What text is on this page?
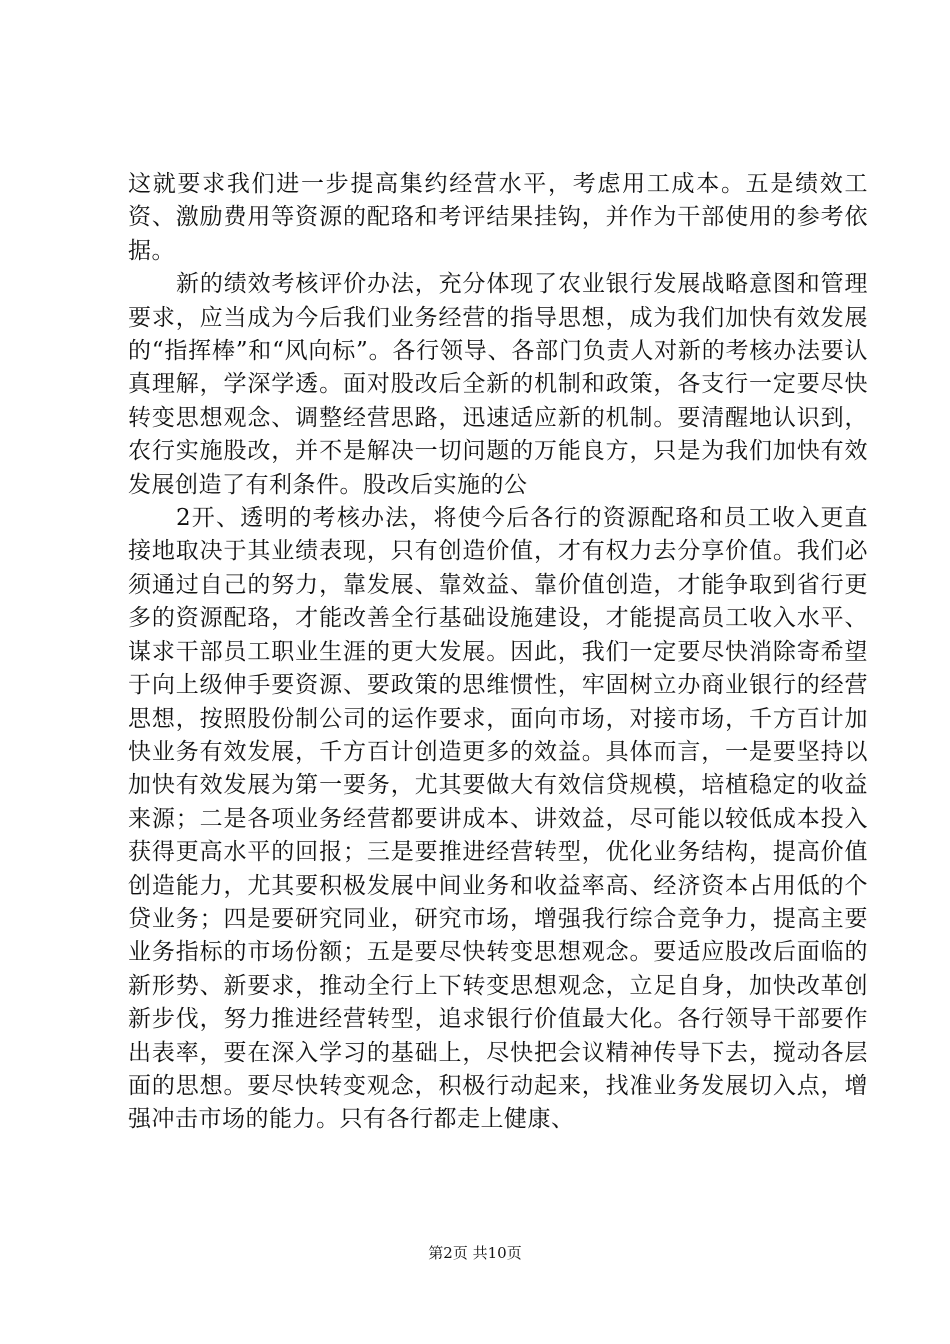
这就要求我们进一步提高集约经营水平，考虑用工成本。五是绩效工资、激励费用等资源的配珞和考评结果挂钩，并作为干部使用的参考依据。

新的绩效考核评价办法，充分体现了农业银行发展战略意图和管理要求，应当成为今后我们业务经营的指导思想，成为我们加快有效发展的“指挥棒”和“风向标”。各行领导、各部门负责人对新的考核办法要认真理解，学深学透。面对股改后全新的机制和政策，各支行一定要尽快转变思想观念、调整经营思路，迅速适应新的机制。要清醒地认识到，农行实施股改，并不是解决一切问题的万能良方，只是为我们加快有效发展创造了有利条件。股改后实施的公

2开、透明的考核办法，将使今后各行的资源配珞和员工收入更直接地取决于其业绩表现，只有创造价值，才有权力去分享价值。我们必须通过自己的努力，靠发展、靠效益、靠价值创造，才能争取到省行更多的资源配珞，才能改善全行基础设施建设，才能提高员工收入水平、谋求干部员工职业生涯的更大发展。因此，我们一定要尽快消除寄希望于向上级伸手要资源、要政策的思维惯性，牢固树立办商业银行的经营思想，按照股份制公司的运作要求，面向市场，对接市场，千方百计加快业务有效发展，千方百计创造更多的效益。具体而言，一是要坚持以加快有效发展为第一要务，尤其要做大有效信贷规模，培植稳定的收益来源；二是各项业务经营都要讲成本、讲效益，尽可能以较低成本投入获得更高水平的回报；三是要推进经营转型，优化业务结构，提高价值创造能力，尤其要积极发展中间业务和收益率高、经济资本占用低的个贷业务；四是要研究同业，研究市场，增强我行综合竞争力，提高主要业务指标的市场份额；五是要尽快转变思想观念。要适应股改后面临的新形势、新要求，推动全行上下转变思想观念，立足自身，加快改革创新步伐，努力推进经营转型，追求银行价值最大化。各行领导干部要作出表率，要在深入学习的基础上，尽快把会议精神传导下去，搅动各层面的思想。要尽快转变观念，积极行动起来，找准业务发展切入点，增强冲击市场的能力。只有各行都走上健康、

第2页 共10页
